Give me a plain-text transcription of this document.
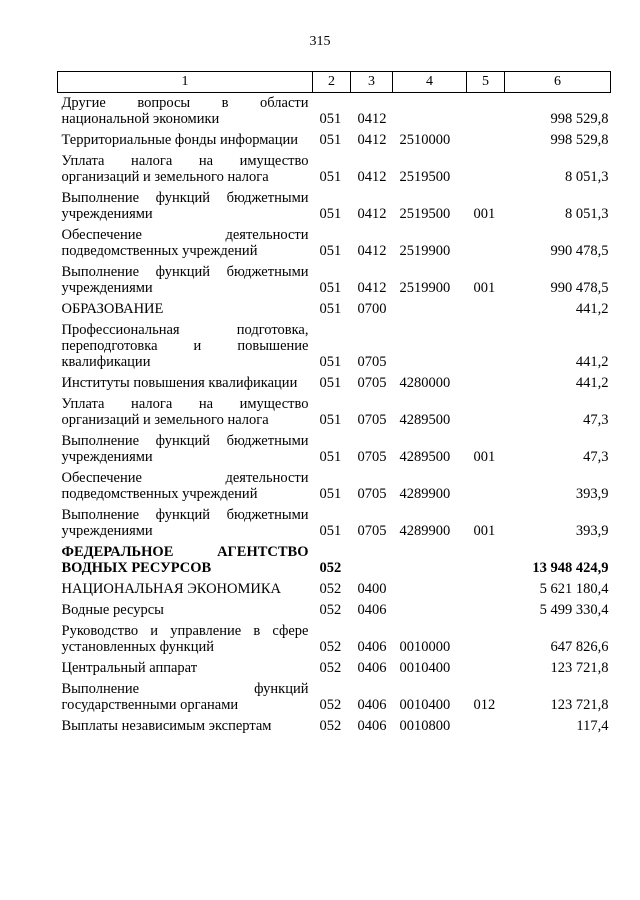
315
1	2	3	4	5	6
Другие вопросы в области национальной экономики	051	0412			998 529,8
Территориальные фонды информации	051	0412	2510000		998 529,8
Уплата налога на имущество организаций и земельного налога	051	0412	2519500		8 051,3
Выполнение функций бюджетными учреждениями	051	0412	2519500	001	8 051,3
Обеспечение деятельности подведомственных учреждений	051	0412	2519900		990 478,5
Выполнение функций бюджетными учреждениями	051	0412	2519900	001	990 478,5
ОБРАЗОВАНИЕ	051	0700			441,2
Профессиональная подготовка, переподготовка и повышение квалификации	051	0705			441,2
Институты повышения квалификации	051	0705	4280000		441,2
Уплата налога на имущество организаций и земельного налога	051	0705	4289500		47,3
Выполнение функций бюджетными учреждениями	051	0705	4289500	001	47,3
Обеспечение деятельности подведомственных учреждений	051	0705	4289900		393,9
Выполнение функций бюджетными учреждениями	051	0705	4289900	001	393,9
ФЕДЕРАЛЬНОЕ АГЕНТСТВО ВОДНЫХ РЕСУРСОВ	052				13 948 424,9
НАЦИОНАЛЬНАЯ ЭКОНОМИКА	052	0400			5 621 180,4
Водные ресурсы	052	0406			5 499 330,4
Руководство и управление в сфере установленных функций	052	0406	0010000		647 826,6
Центральный аппарат	052	0406	0010400		123 721,8
Выполнение функций государственными органами	052	0406	0010400	012	123 721,8
Выплаты независимым экспертам	052	0406	0010800		117,4
